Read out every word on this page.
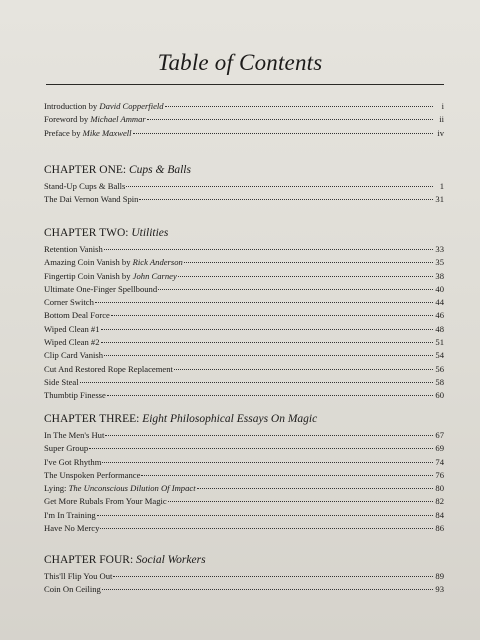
Table of Contents
Introduction by David Copperfield	i
Foreword by Michael Ammar	ii
Preface by Mike Maxwell	iv
CHAPTER ONE: Cups & Balls
Stand-Up Cups & Balls	1
The Dai Vernon Wand Spin	31
CHAPTER TWO: Utilities
Retention Vanish	33
Amazing Coin Vanish by Rick Anderson	35
Fingertip Coin Vanish by John Carney	38
Ultimate One-Finger Spellbound	40
Corner Switch	44
Bottom Deal Force	46
Wiped Clean #1	48
Wiped Clean #2	51
Clip Card Vanish	54
Cut And Restored Rope Replacement	56
Side Steal	58
Thumbtip Finesse	60
CHAPTER THREE: Eight Philosophical Essays On Magic
In The Men's Hut	67
Super Group	69
I've Got Rhythm	74
The Unspoken Performance	76
Lying: The Unconscious Dilution Of Impact	80
Get More Rubals From Your Magic	82
I'm In Training	84
Have No Mercy	86
CHAPTER FOUR: Social Workers
This'll Flip You Out	89
Coin On Ceiling	93
